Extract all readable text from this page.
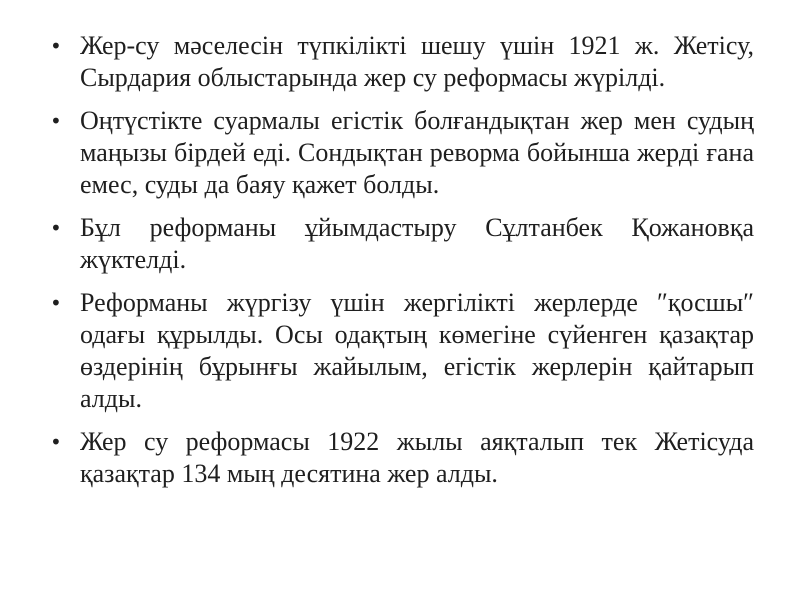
• Жер-су мәселесін түпкілікті шешу үшін 1921 ж. Жетісу, Сырдария облыстарында жер су реформасы жүрілді.
• Оңтүстікте суармалы егістік болғандықтан жер мен судың маңызы бірдей еді. Сондықтан реворма бойынша жерді ғана емес, суды да баяу қажет болды.
• Бұл реформаны ұйымдастыру Сұлтанбек Қожановқа жүктелді.
• Реформаны жүргізу үшін жергілікті жерлерде ″қосшы″ одағы құрылды. Осы одақтың көмегіне сүйенген қазақтар өздерінің бұрынғы жайылым, егістік жерлерін қайтарып алды.
• Жер су реформасы 1922 жылы аяқталып тек Жетісуда қазақтар 134 мың десятина жер алды.
